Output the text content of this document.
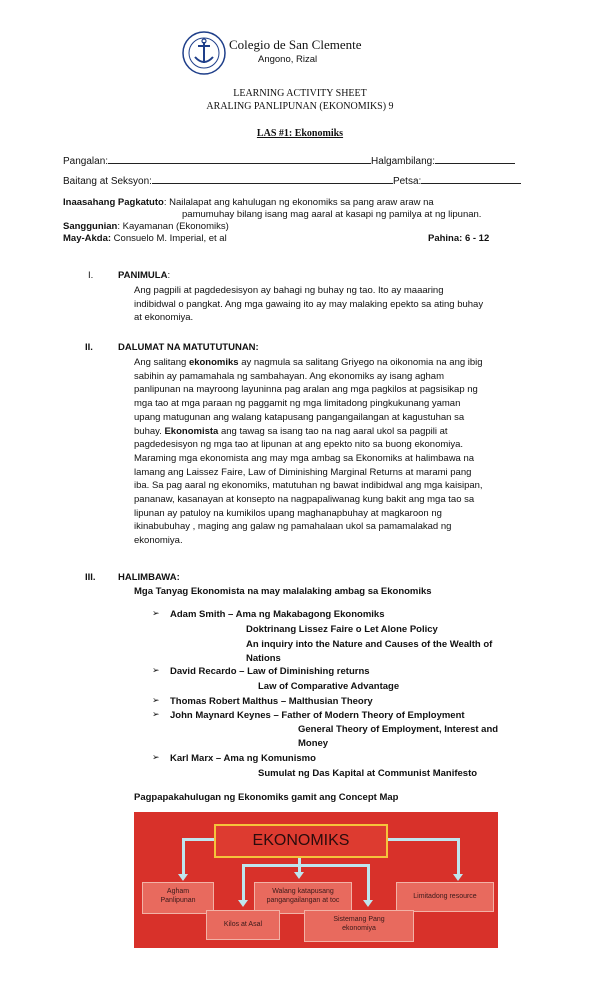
Colegio de San Clemente
Angono, Rizal
LEARNING ACTIVITY SHEET
ARALING PANLIPUNAN (EKONOMIKS) 9
LAS #1: Ekonomiks
Pangalan:	Halgambilang:
Baitang at Seksyon:	Petsa:
Inaasahang Pagkatuto: Nailalapat ang kahulugan ng ekonomiks sa pang araw araw na
pamumuhay bilang isang mag aaral at kasapi ng pamilya at ng lipunan.
Sanggunian: Kayamanan (Ekonomiks)
May-Akda: Consuelo M. Imperial, et al	Pahina: 6 - 12
I.	PANIMULA:
Ang pagpili at pagdedesisyon ay bahagi ng buhay ng tao. Ito ay maaaring
indibidwal o pangkat. Ang mga gawaing ito ay may malaking epekto sa ating buhay
at ekonomiya.
II.	DALUMAT NA MATUTUTUNAN:
Ang salitang ekonomiks ay nagmula sa salitang Griyego na oikonomia na ang ibig
sabihin ay pamamahala ng sambahayan. Ang ekonomiks ay isang agham
panlipunan na mayroong layuninna pag aralan ang mga pagkilos at pagsisikap ng
mga tao at mga paraan ng paggamit ng mga limitadong pingkukunang yaman
upang matugunan ang walang katapusang pangangailangan at kagustuhan sa
buhay. Ekonomista ang tawag sa isang tao na nag aaral ukol sa pagpili at
pagdedesisyon ng mga tao at lipunan at ang epekto nito sa buong ekonomiya.
Maraming mga ekonomista ang may mga ambag sa Ekonomiks at halimbawa na
lamang ang Laissez Faire, Law of Diminishing Marginal Returns at marami pang
iba. Sa pag aaral ng ekonomiks, matutuhan ng bawat indibidwal ang mga kaisipan,
pananaw, kasanayan at konsepto na nagpapaliwanag kung bakit ang mga tao sa
lipunan ay patuloy na kumikilos upang maghanapbuhay at magkaroon ng
ikinabubuhay , maging ang galaw ng pamahalaan ukol sa pamamalakad ng
ekonomiya.
III. HALIMBAWA:
Mga Tanyag Ekonomista na may malalaking ambag sa Ekonomiks
➢ Adam Smith – Ama ng Makabagong Ekonomiks
Doktrinang Lissez Faire o Let Alone Policy
An inquiry into the Nature and Causes of the Wealth of
Nations
➢ David Recardo – Law of Diminishing returns
Law of Comparative Advantage
➢ Thomas Robert Malthus – Malthusian Theory
➢ John Maynard Keynes – Father of Modern Theory of Employment
General Theory of Employment, Interest and
Money
➢ Karl Marx – Ama ng Komunismo
Sumulat ng Das Kapital at Communist Manifesto
Pagpapakahulugan ng Ekonomiks gamit ang Concept Map
EKONOMIKS
Agham
Panlipunan
Walang katapusang
pangangailangan at toc
Limitadong resource
Kilos at Asal
Sistemang Pang
ekonomiya
